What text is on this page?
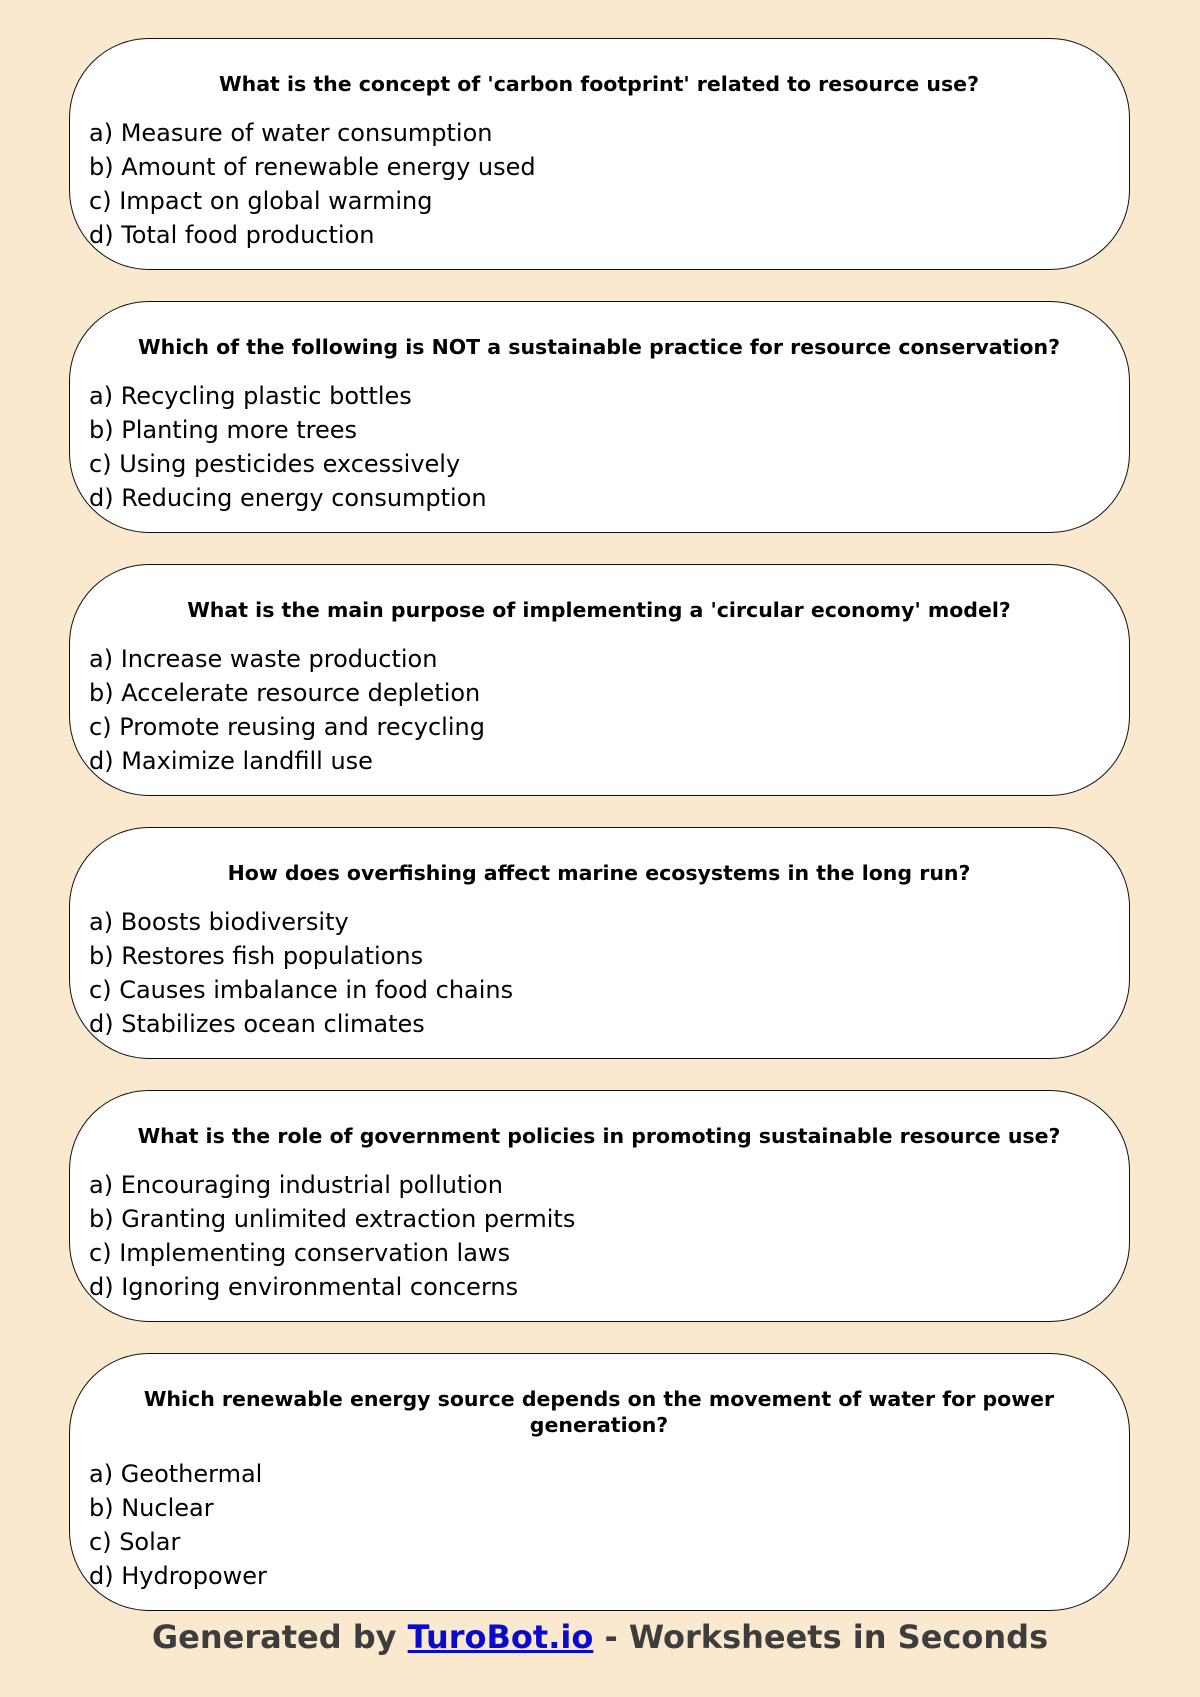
What is the concept of 'carbon footprint' related to resource use?
a) Measure of water consumption
b) Amount of renewable energy used
c) Impact on global warming
d) Total food production
Which of the following is NOT a sustainable practice for resource conservation?
a) Recycling plastic bottles
b) Planting more trees
c) Using pesticides excessively
d) Reducing energy consumption
What is the main purpose of implementing a 'circular economy' model?
a) Increase waste production
b) Accelerate resource depletion
c) Promote reusing and recycling
d) Maximize landfill use
How does overfishing affect marine ecosystems in the long run?
a) Boosts biodiversity
b) Restores fish populations
c) Causes imbalance in food chains
d) Stabilizes ocean climates
What is the role of government policies in promoting sustainable resource use?
a) Encouraging industrial pollution
b) Granting unlimited extraction permits
c) Implementing conservation laws
d) Ignoring environmental concerns
Which renewable energy source depends on the movement of water for power generation?
a) Geothermal
b) Nuclear
c) Solar
d) Hydropower
Generated by TuroBot.io - Worksheets in Seconds
